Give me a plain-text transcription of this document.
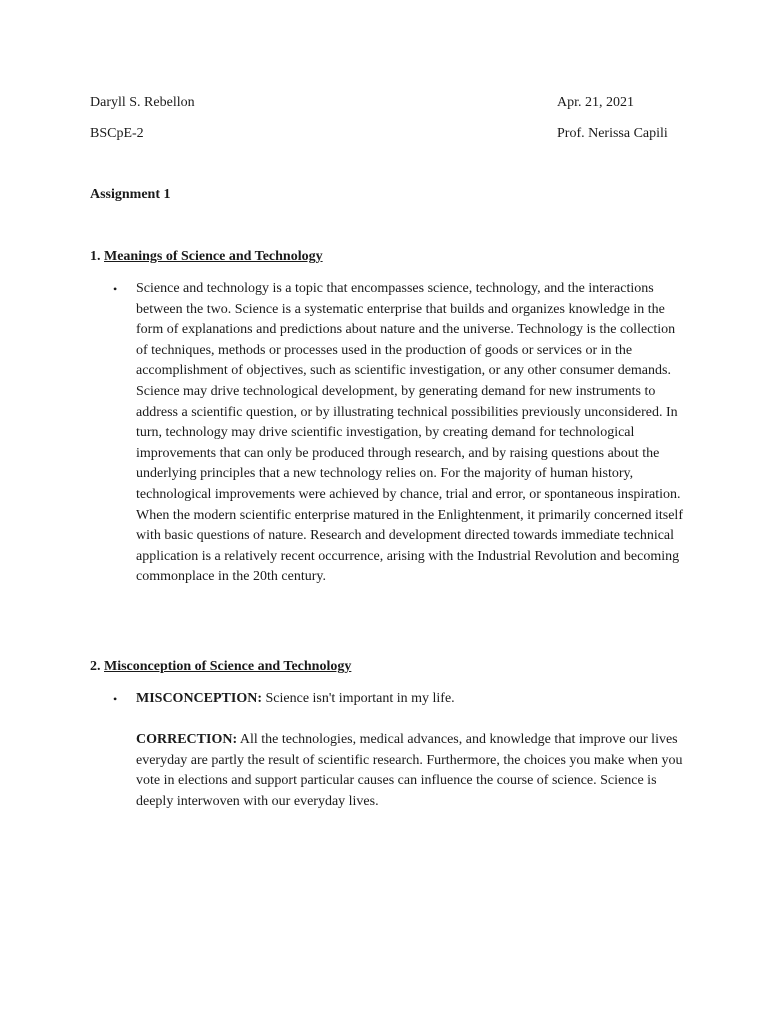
Daryll S. Rebellon	Apr. 21, 2021
BSCpE-2	Prof. Nerissa Capili
Assignment 1
1. Meanings of Science and Technology
• Science and technology is a topic that encompasses science, technology, and the interactions between the two. Science is a systematic enterprise that builds and organizes knowledge in the form of explanations and predictions about nature and the universe. Technology is the collection of techniques, methods or processes used in the production of goods or services or in the accomplishment of objectives, such as scientific investigation, or any other consumer demands. Science may drive technological development, by generating demand for new instruments to address a scientific question, or by illustrating technical possibilities previously unconsidered. In turn, technology may drive scientific investigation, by creating demand for technological improvements that can only be produced through research, and by raising questions about the underlying principles that a new technology relies on. For the majority of human history, technological improvements were achieved by chance, trial and error, or spontaneous inspiration. When the modern scientific enterprise matured in the Enlightenment, it primarily concerned itself with basic questions of nature. Research and development directed towards immediate technical application is a relatively recent occurrence, arising with the Industrial Revolution and becoming commonplace in the 20th century.
2. Misconception of Science and Technology
• MISCONCEPTION: Science isn't important in my life.
CORRECTION: All the technologies, medical advances, and knowledge that improve our lives everyday are partly the result of scientific research. Furthermore, the choices you make when you vote in elections and support particular causes can influence the course of science. Science is deeply interwoven with our everyday lives.
